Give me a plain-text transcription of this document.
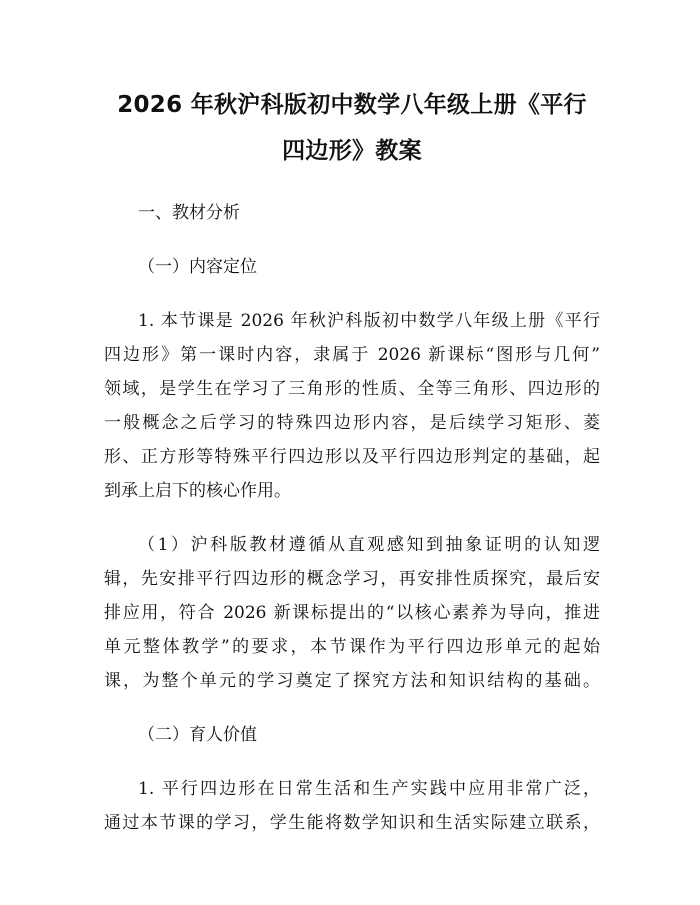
2026 年秋沪科版初中数学八年级上册《平行
四边形》教案
一、教材分析
（一）内容定位
1. 本节课是 2026 年秋沪科版初中数学八年级上册《平行
四边形》第一课时内容，隶属于 2026 新课标“图形与几何”
领域，是学生在学习了三角形的性质、全等三角形、四边形的
一般概念之后学习的特殊四边形内容，是后续学习矩形、菱
形、正方形等特殊平行四边形以及平行四边形判定的基础，起
到承上启下的核心作用。
（1）沪科版教材遵循从直观感知到抽象证明的认知逻
辑，先安排平行四边形的概念学习，再安排性质探究，最后安
排应用，符合 2026 新课标提出的“以核心素养为导向，推进
单元整体教学”的要求，本节课作为平行四边形单元的起始
课，为整个单元的学习奠定了探究方法和知识结构的基础。
（二）育人价值
1. 平行四边形在日常生活和生产实践中应用非常广泛，
通过本节课的学习，学生能将数学知识和生活实际建立联系，
